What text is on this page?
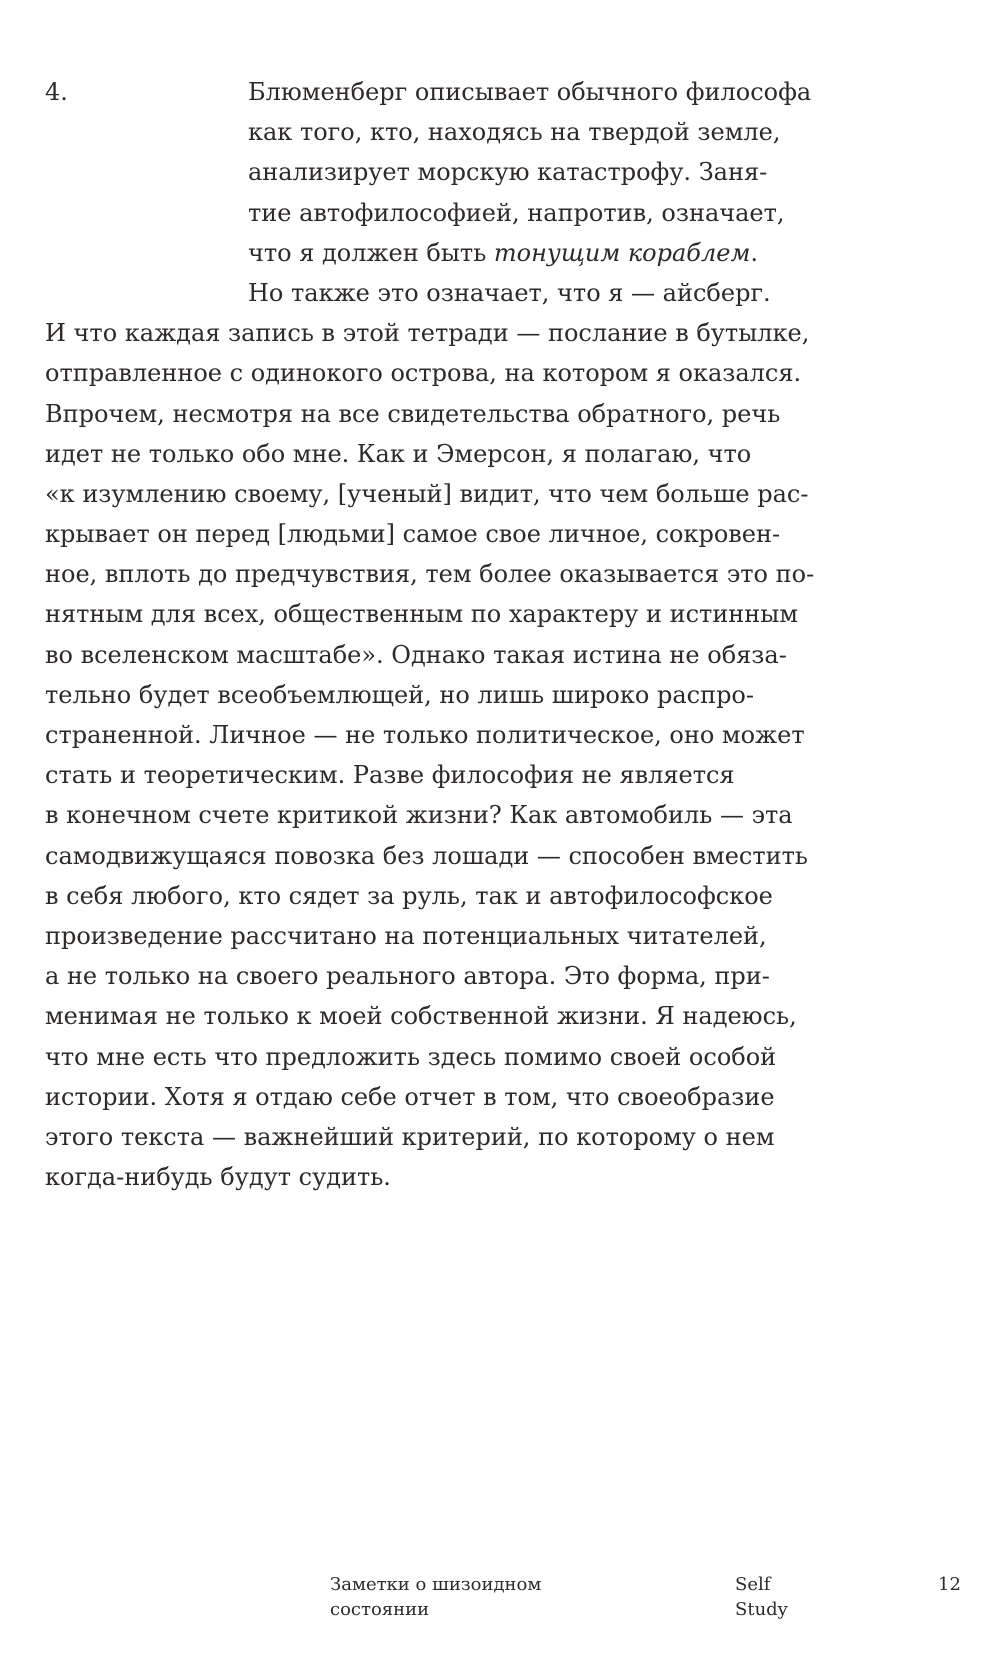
4.	Блюменберг описывает обычного философа
как того, кто, находясь на твердой земле,
анализирует морскую катастрофу. Заня-
тие автофилософией, напротив, означает,
что я должен быть тонущим кораблем.
Но также это означает, что я — айсберг.
И что каждая запись в этой тетради — послание в бутылке,
отправленное с одинокого острова, на котором я оказался.
Впрочем, несмотря на все свидетельства обратного, речь
идет не только обо мне. Как и Эмерсон, я полагаю, что
«к изумлению своему, [ученый] видит, что чем больше рас-
крывает он перед [людьми] самое свое личное, сокровен-
ное, вплоть до предчувствия, тем более оказывается это по-
нятным для всех, общественным по характеру и истинным
во вселенском масштабе». Однако такая истина не обяза-
тельно будет всеобъемлющей, но лишь широко распро-
страненной. Личное — не только политическое, оно может
стать и теоретическим. Разве философия не является
в конечном счете критикой жизни? Как автомобиль — эта
самодвижущаяся повозка без лошади — способен вместить
в себя любого, кто сядет за руль, так и автофилософское
произведение рассчитано на потенциальных читателей,
а не только на своего реального автора. Это форма, при-
менимая не только к моей собственной жизни. Я надеюсь,
что мне есть что предложить здесь помимо своей особой
истории. Хотя я отдаю себе отчет в том, что своеобразие
этого текста — важнейший критерий, по которому о нем
когда-нибудь будут судить.
Заметки о шизоидном
состоянии
Self
Study
12
